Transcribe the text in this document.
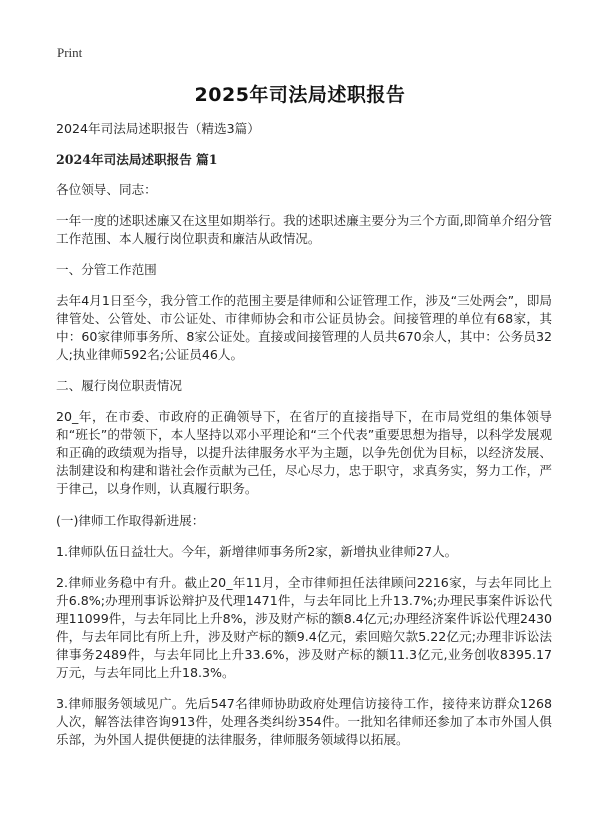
Print
2025年司法局述职报告

2024年司法局述职报告（精选3篇）

2024年司法局述职报告 篇1

各位领导、同志：

一年一度的述职述廉又在这里如期举行。我的述职述廉主要分为三个方面,即简单介绍分管工作范围、本人履行岗位职责和廉洁从政情况。

一、分管工作范围

去年4月1日至今，我分管工作的范围主要是律师和公证管理工作，涉及“三处两会”，即局律管处、公管处、市公证处、市律师协会和市公证员协会。间接管理的单位有68家，其中：60家律师事务所、8家公证处。直接或间接管理的人员共670余人，其中：公务员32人;执业律师592名;公证员46人。

二、履行岗位职责情况

20_年，在市委、市政府的正确领导下，在省厅的直接指导下，在市局党组的集体领导和“班长”的带领下，本人坚持以邓小平理论和“三个代表”重要思想为指导，以科学发展观和正确的政绩观为指导，以提升法律服务水平为主题，以争先创优为目标，以经济发展、法制建设和构建和谐社会作贡献为己任，尽心尽力，忠于职守，求真务实，努力工作，严于律己，以身作则，认真履行职务。

(一)律师工作取得新进展：

1.律师队伍日益壮大。今年，新增律师事务所2家，新增执业律师27人。

2.律师业务稳中有升。截止20_年11月，全市律师担任法律顾问2216家，与去年同比上升6.8%;办理刑事诉讼辩护及代理1471件，与去年同比上升13.7%;办理民事案件诉讼代理11099件，与去年同比上升8%，涉及财产标的额8.4亿元;办理经济案件诉讼代理2430件，与去年同比有所上升，涉及财产标的额9.4亿元，索回赔欠款5.22亿元;办理非诉讼法律事务2489件，与去年同比上升33.6%，涉及财产标的额11.3亿元,业务创收8395.17万元，与去年同比上升18.3%。

3.律师服务领域见广。先后547名律师协助政府处理信访接待工作，接待来访群众1268人次，解答法律咨询913件，处理各类纠纷354件。一批知名律师还参加了本市外国人俱乐部，为外国人提供便捷的法律服务，律师服务领域得以拓展。
